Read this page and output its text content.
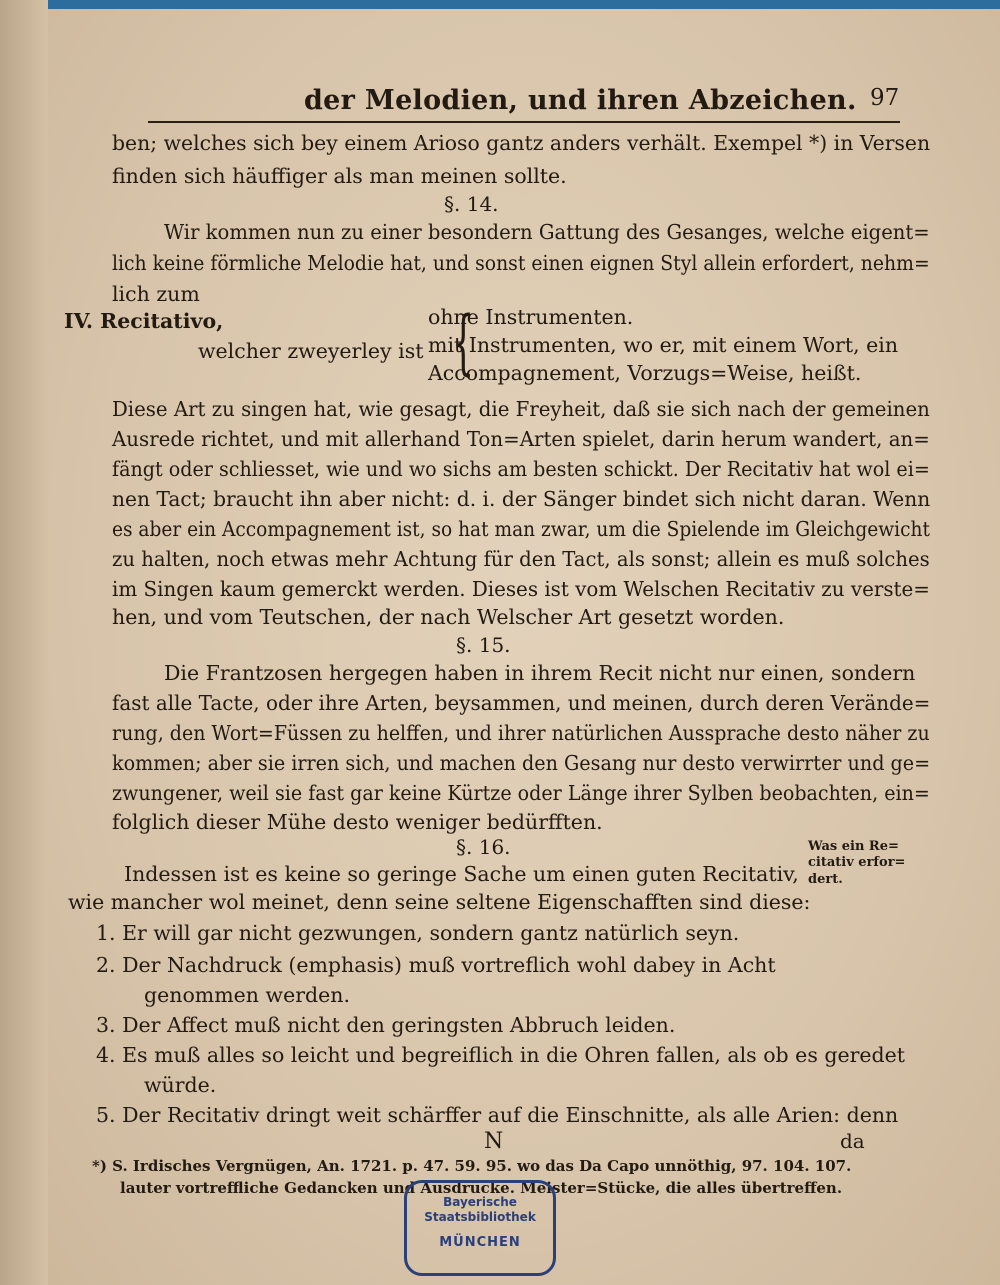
der Melodien, und ihren Abzeichen. 97
ben; welches sich bey einem Arioso gantz anders verhält. Exempel *) in Versen
finden sich häuffiger als man meinen sollte.
§. 14.
Wir kommen nun zu einer besondern Gattung des Gesanges, welche eigent=
lich keine förmliche Melodie hat, und sonst einen eignen Styl allein erfordert, nehm=
lich zum
IV. Recitativo,
welcher zweyerley ist {
ohne Instrumenten.
mit Instrumenten, wo er, mit einem Wort, ein
Accompagnement, Vorzugs=Weise, heißt.
Diese Art zu singen hat, wie gesagt, die Freyheit, daß sie sich nach der gemeinen
Ausrede richtet, und mit allerhand Ton=Arten spielet, darin herum wandert, an=
fängt oder schliesset, wie und wo sichs am besten schickt. Der Recitativ hat wol ei=
nen Tact; braucht ihn aber nicht: d. i. der Sänger bindet sich nicht daran. Wenn
es aber ein Accompagnement ist, so hat man zwar, um die Spielende im Gleichgewicht
zu halten, noch etwas mehr Achtung für den Tact, als sonst; allein es muß solches
im Singen kaum gemerckt werden. Dieses ist vom Welschen Recitativ zu verste=
hen, und vom Teutschen, der nach Welscher Art gesetzt worden.
§. 15.
Die Frantzosen hergegen haben in ihrem Recit nicht nur einen, sondern
fast alle Tacte, oder ihre Arten, beysammen, und meinen, durch deren Verände=
rung, den Wort=Füssen zu helffen, und ihrer natürlichen Aussprache desto näher zu
kommen; aber sie irren sich, und machen den Gesang nur desto verwirrter und ge=
zwungener, weil sie fast gar keine Kürtze oder Länge ihrer Sylben beobachten, ein=
folglich dieser Mühe desto weniger bedürfften.
§. 16.
Indessen ist es keine so geringe Sache um einen guten Recitativ,
wie mancher wol meinet, denn seine seltene Eigenschafften sind diese:
Was ein Re=
citativ erfor=
dert.
1. Er will gar nicht gezwungen, sondern gantz natürlich seyn.
2. Der Nachdruck (emphasis) muß vortreflich wohl dabey in Acht
genommen werden.
3. Der Affect muß nicht den geringsten Abbruch leiden.
4. Es muß alles so leicht und begreiflich in die Ohren fallen, als ob es geredet
würde.
5. Der Recitativ dringt weit schärffer auf die Einschnitte, als alle Arien: denn
N	da
*) S. Irdisches Vergnügen, An. 1721. p. 47. 59. 95. wo das Da Capo unnöthig, 97. 104. 107.
lauter vortreffliche Gedancken und Ausdrücke. Meister=Stücke, die alles übertreffen.
Bayerische
Staatsbibliothek
MÜNCHEN
